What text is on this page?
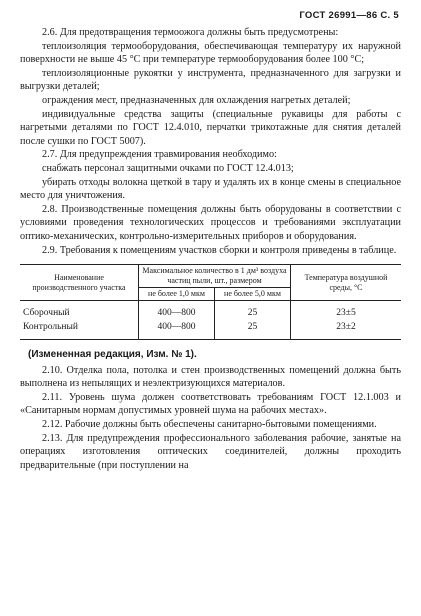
ГОСТ 26991—86 С. 5

2.6. Для предотвращения термоожога должны быть предусмотрены:

теплоизоляция термооборудования, обеспечивающая температуру их наружной поверхности не выше 45 °С при температуре термооборудования более 100 °С;

теплоизоляционные рукоятки у инструмента, предназначенного для загрузки и выгрузки деталей;

ограждения мест, предназначенных для охлаждения нагретых деталей;

индивидуальные средства защиты (специальные рукавицы для работы с нагретыми деталями по ГОСТ 12.4.010, перчатки трикотажные для снятия деталей после сушки по ГОСТ 5007).

2.7. Для предупреждения травмирования необходимо:

снабжать персонал защитными очками по ГОСТ 12.4.013;

убирать отходы волокна щеткой в тару и удалять их в конце смены в специальное место для уничтожения.

2.8. Производственные помещения должны быть оборудованы в соответствии с условиями проведения технологических процессов и требованиями эксплуатации оптико-механических, контрольно-измерительных приборов и оборудования.

2.9. Требования к помещениям участков сборки и контроля приведены в таблице.

Наименование производственного участка	Максимальное количество в 1 дм³ воздуха частиц пыли, шт., размером		Температура воздушной среды, °С
	не более 1,0 мкм	не более 5,0 мкм	
Сборочный	400—800	25	23±5
Контрольный	400—800	25	23±2

(Измененная редакция, Изм. № 1).

2.10. Отделка пола, потолка и стен производственных помещений должна быть выполнена из непылящих и неэлектризующихся материалов.

2.11. Уровень шума должен соответствовать требованиям ГОСТ 12.1.003 и «Санитарным нормам допустимых уровней шума на рабочих местах».

2.12. Рабочие должны быть обеспечены санитарно-бытовыми помещениями.

2.13. Для предупреждения профессионального заболевания рабочие, занятые на операциях изготовления оптических соединителей, должны проходить предварительные (при поступлении на
